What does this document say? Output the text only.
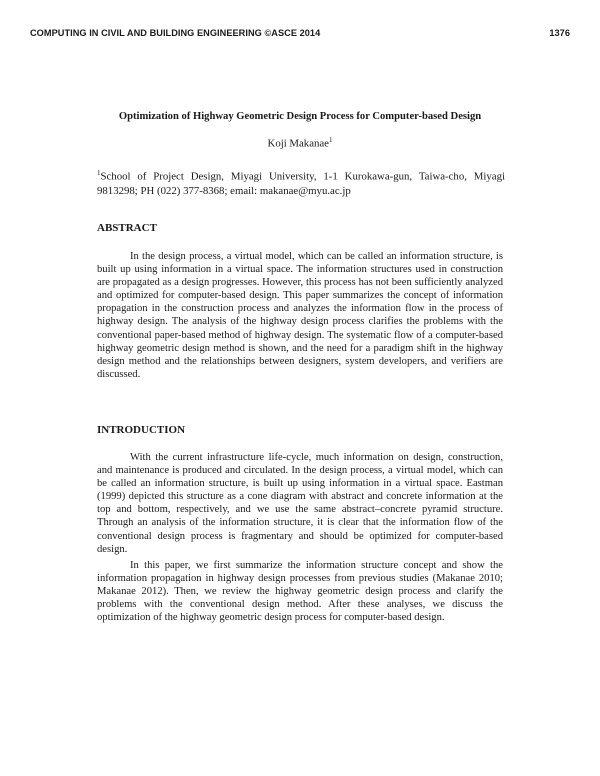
COMPUTING IN CIVIL AND BUILDING ENGINEERING ©ASCE 2014	1376
Optimization of Highway Geometric Design Process for Computer-based Design
Koji Makanae$^1$
$^1$School of Project Design, Miyagi University, 1-1 Kurokawa-gun, Taiwa-cho, Miyagi 9813298; PH (022) 377-8368; email: makanae@myu.ac.jp
ABSTRACT

In the design process, a virtual model, which can be called an information structure, is built up using information in a virtual space. The information structures used in construction are propagated as a design progresses. However, this process has not been sufficiently analyzed and optimized for computer-based design. This paper summarizes the concept of information propagation in the construction process and analyzes the information flow in the process of highway design. The analysis of the highway design process clarifies the problems with the conventional paper-based method of highway design. The systematic flow of a computer-based highway geometric design method is shown, and the need for a paradigm shift in the highway design method and the relationships between designers, system developers, and verifiers are discussed.

INTRODUCTION

With the current infrastructure life-cycle, much information on design, construction, and maintenance is produced and circulated. In the design process, a virtual model, which can be called an information structure, is built up using information in a virtual space. Eastman (1999) depicted this structure as a cone diagram with abstract and concrete information at the top and bottom, respectively, and we use the same abstract–concrete pyramid structure. Through an analysis of the information structure, it is clear that the information flow of the conventional design process is fragmentary and should be optimized for computer-based design.

In this paper, we first summarize the information structure concept and show the information propagation in highway design processes from previous studies (Makanae 2010; Makanae 2012). Then, we review the highway geometric design process and clarify the problems with the conventional design method. After these analyses, we discuss the optimization of the highway geometric design process for computer-based design.
